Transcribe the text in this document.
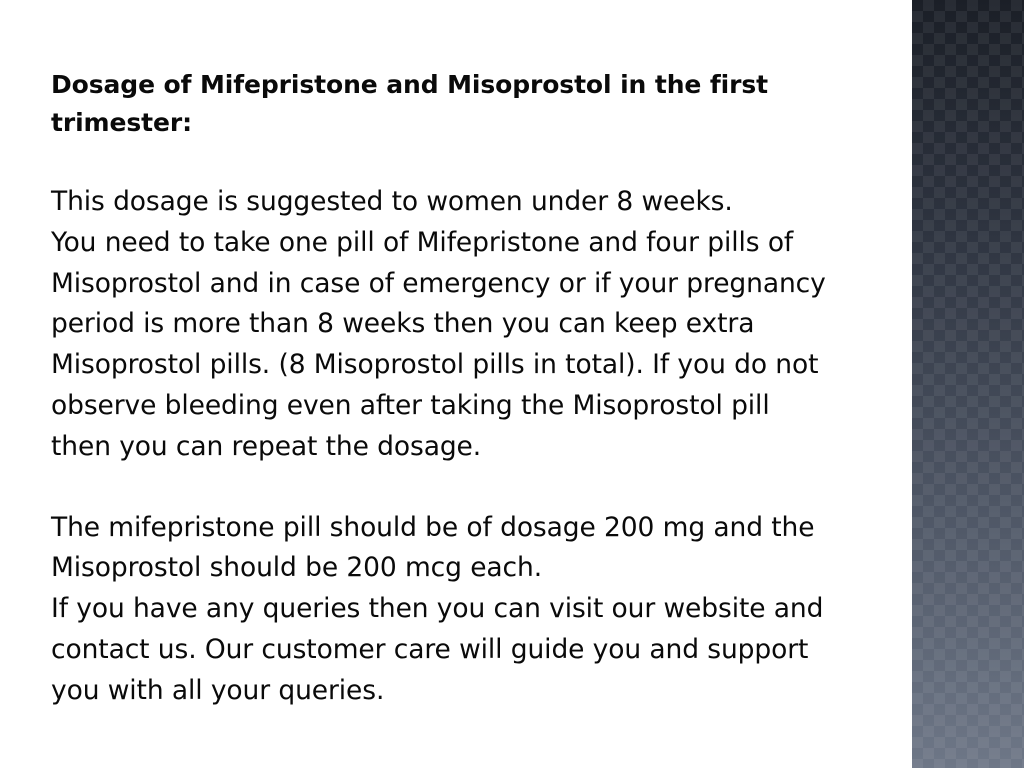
Dosage of Mifepristone and Misoprostol in the first trimester:

This dosage is suggested to women under 8 weeks.
You need to take one pill of Mifepristone and four pills of
Misoprostol and in case of emergency or if your pregnancy
period is more than 8 weeks then you can keep extra
Misoprostol pills. (8 Misoprostol pills in total). If you do not
observe bleeding even after taking the Misoprostol pill
then you can repeat the dosage.

The mifepristone pill should be of dosage 200 mg and the
Misoprostol should be 200 mcg each.
If you have any queries then you can visit our website and
contact us. Our customer care will guide you and support
you with all your queries.
